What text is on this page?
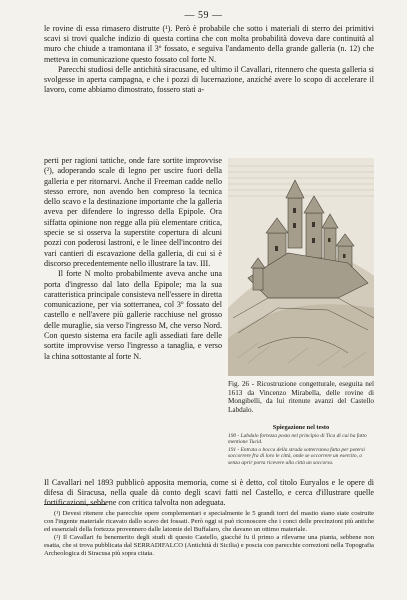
— 59 —

le rovine di essa rimasero distrutte (¹). Però è probabile che sotto i materiali di sterro dei primitivi scavi si trovi qualche indizio di questa cortina che con molta probabilità doveva dare continuità al muro che chiude a tramontana il 3º fossato, e seguiva l'andamento della grande galleria (n. 12) che metteva in comunicazione questo fossato col forte N.

Parecchi studiosi delle antichità siracusane, ed ultimo il Cavallari, ritennero che questa galleria si svolgesse in aperta campagna, e che i pozzi di lucernazione, anziché avere lo scopo di accelerare il lavoro, come abbiamo dimostrato, fossero stati a-

perti per ragioni tattiche, onde fare sortite improvvise (²), adoperando scale di legno per uscire fuori della galleria e per ritornarvi. Anche il Freeman cadde nello stesso errore, non avendo ben compreso la tecnica dello scavo e la destinazione importante che la galleria aveva per difendere lo ingresso della Epipole. Ora siffatta opinione non regge alla più elementare critica, specie se si osserva la superstite copertura di alcuni pozzi con poderosi lastroni, e le linee dell'incontro dei vari cantieri di escavazione della galleria, di cui si è discorso precedentemente nello illustrare la tav. III.

Il forte N molto probabilmente aveva anche una porta d'ingresso dal lato della Epipole; ma la sua caratteristica principale consisteva nell'essere in diretta comunicazione, per via sotterranea, col 3º fossato del castello e nell'avere più gallerie racchiuse nel grosso delle muraglie, sia verso l'ingresso M, che verso Nord. Con questo sistema era facile agli assediati fare delle sortite improvvise verso l'ingresso a tanaglia, e verso la china sottostante al forte N.

Fig. 26 - Ricostruzione congetturale, eseguita nel 1613 da Vincenzo Mirabella, delle rovine di Mongibelli, da lui ritenute avanzi del Castello Labdalo.
Spiegazione nel testo
190 - Labdalo fortezza posta nel principio di Tica di cui ha fatto mentione Tucid.
191 - Entrata o bocca della strada sotterranea fatta per potersi soccorrere fra di loro le città, onde se occorrere un esercito, a senza aprir porta ricevere alla città un soccorso.
Il Cavallari nel 1893 pubblicò apposita memoria, come si è detto, col titolo Euryalos e le opere di difesa di Siracusa, nella quale dà conto degli scavi fatti nel Castello, e cerca d'illustrare quelle fortificazioni, sebbene con critica talvolta non adeguata.

(¹) Devesi ritenere che parecchie opere complementari e specialmente le 5 grandi torri del mastio siano state costruite con l'ingente materiale ricavato dallo scavo dei fossati. Però oggi si può riconoscere che i conci delle precinzioni più antiche ed essenziali della fortezza provennero dalle latomie del Buffalaro, che davano un ottimo materiale.

(²) Il Cavallari fu benemerito degli studi di questo Castello, giacché fu il primo a rilevarne una pianta, sebbene non esatta, che si trova pubblicata dal SERRADIFALCO (Antichità di Sicilia) e poscia con parecchie correzioni nella Topografia Archeologica di Siracusa più sopra citata.
